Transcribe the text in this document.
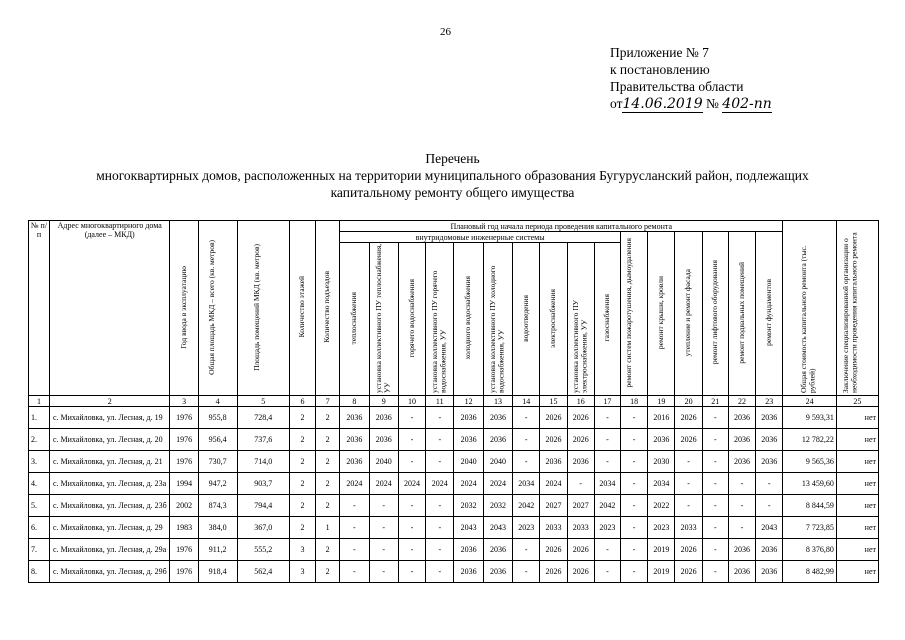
26
Приложение № 7
к постановлению
Правительства области
от14.06.2019 № 402-пп
Перечень
многоквартирных домов, расположенных на территории муниципального образования Бугурусланский район, подлежащих
капитальному ремонту общего имущества
№ п/п	Адрес многоквартирного дома (далее – МКД)	Год ввода в эксплуатацию	Общая площадь МКД – всего (кв. метров)	Площадь помещений МКД (кв. метров)	Количество этажей	Количество подъездов	Плановый год начала периода проведения капитального ремонта																Общая стоимость капитального ремонта (тыс. рублей)	Заключение специализированной организации о необходимости проведения капитального ремонта

							внутридомовые инженерные системы										ремонт систем пожаротушения, дымоудаления	ремонт крыши, кровли	утепление и ремонт фасада	ремонт лифтового оборудования	ремонт подвальных помещений	ремонт фундаментов		

							теплоснабжения	установка коллективного ПУ теплоснабжения, УУ	горячего водоснабжения	установка коллективного ПУ горячего водоснабжения, УУ	холодного водоснабжения	установка коллективного ПУ холодного водоснабжения, УУ	водоотведения	электроснабжения	установка коллективного ПУ электроснабжения, УУ	газоснабжения								

1	2	3	4	5	6	7	8	9	10	11	12	13	14	15	16	17	18	19	20	21	22	23	24	25
1.	с. Михайловка, ул. Лесная, д. 19	1976	955,8	728,4	2	2	2036	2036	-	-	2036	2036	-	2026	2026	-	-	2016	2026	-	2036	2036	9 593,31	нет
2.	с. Михайловка, ул. Лесная, д. 20	1976	956,4	737,6	2	2	2036	2036	-	-	2036	2036	-	2026	2026	-	-	2036	2026	-	2036	2036	12 782,22	нет
3.	с. Михайловка, ул. Лесная, д. 21	1976	730,7	714,0	2	2	2036	2040	-	-	2040	2040	-	2036	2036	-	-	2030	-	-	2036	2036	9 565,36	нет
4.	с. Михайловка, ул. Лесная, д. 23а	1994	947,2	903,7	2	2	2024	2024	2024	2024	2024	2024	2034	2024	-	2034	-	2034	-	-	-	-	13 459,60	нет
5.	с. Михайловка, ул. Лесная, д. 23б	2002	874,3	794,4	2	2	-	-	-	-	2032	2032	2042	2027	2027	2042	-	2022	-	-	-	-	8 844,59	нет
6.	с. Михайловка, ул. Лесная, д. 29	1983	384,0	367,0	2	1	-	-	-	-	2043	2043	2023	2033	2033	2023	-	2023	2033	-	-	2043	7 723,85	нет
7.	с. Михайловка, ул. Лесная, д. 29а	1976	911,2	555,2	3	2	-	-	-	-	2036	2036	-	2026	2026	-	-	2019	2026	-	2036	2036	8 376,80	нет
8.	с. Михайловка, ул. Лесная, д. 29б	1976	918,4	562,4	3	2	-	-	-	-	2036	2036	-	2026	2026	-	-	2019	2026	-	2036	2036	8 482,99	нет
